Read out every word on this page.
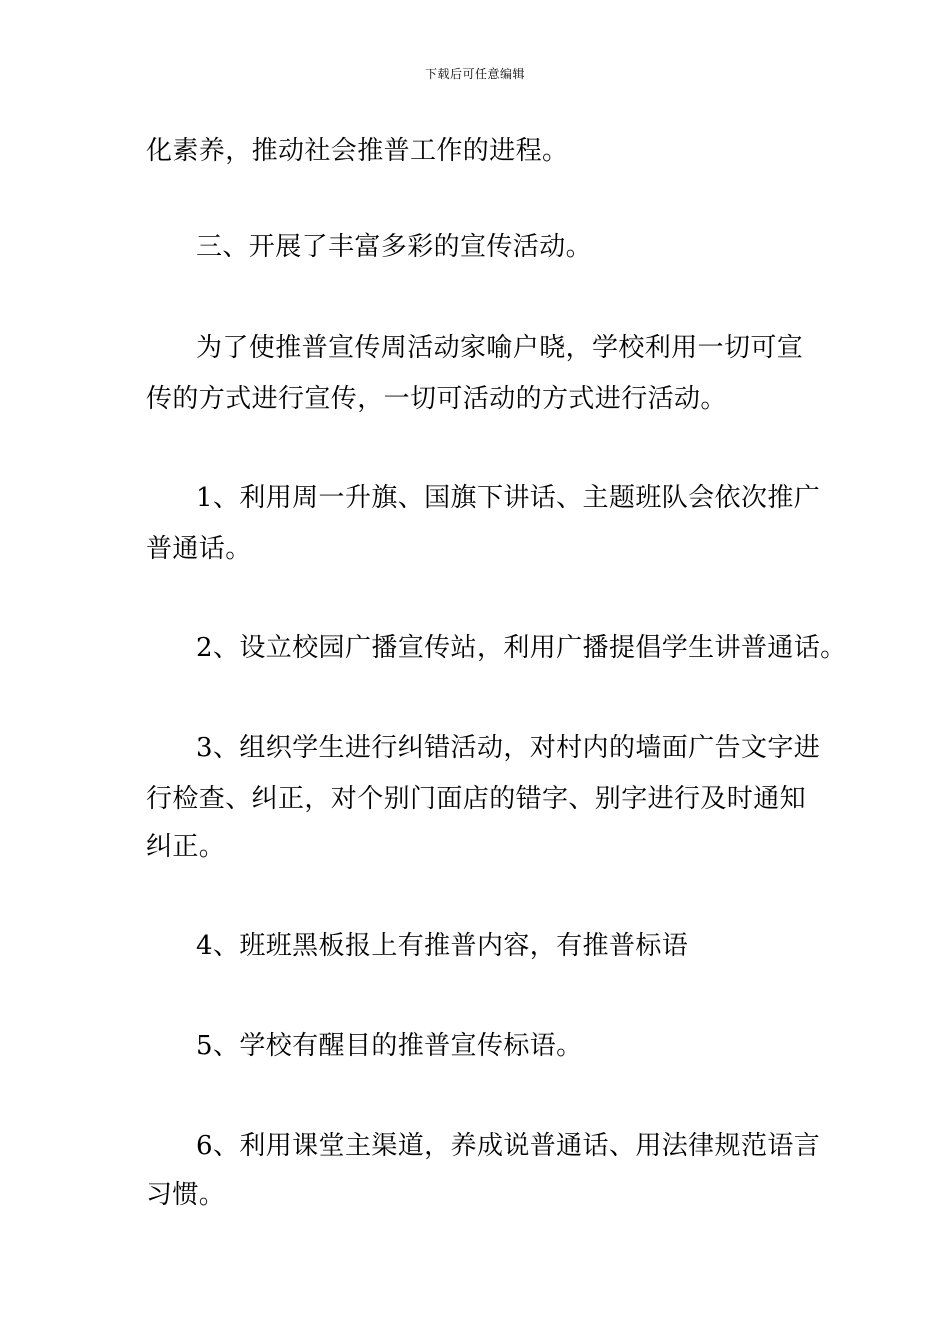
下载后可任意编辑
化素养，推动社会推普工作的进程。
三、开展了丰富多彩的宣传活动。
为了使推普宣传周活动家喻户晓，学校利用一切可宣
传的方式进行宣传，一切可活动的方式进行活动。
1、利用周一升旗、国旗下讲话、主题班队会依次推广
普通话。
2、设立校园广播宣传站，利用广播提倡学生讲普通话。
3、组织学生进行纠错活动，对村内的墙面广告文字进
行检查、纠正，对个别门面店的错字、别字进行及时通知
纠正。
4、班班黑板报上有推普内容，有推普标语
5、学校有醒目的推普宣传标语。
6、利用课堂主渠道，养成说普通话、用法律规范语言
习惯。
